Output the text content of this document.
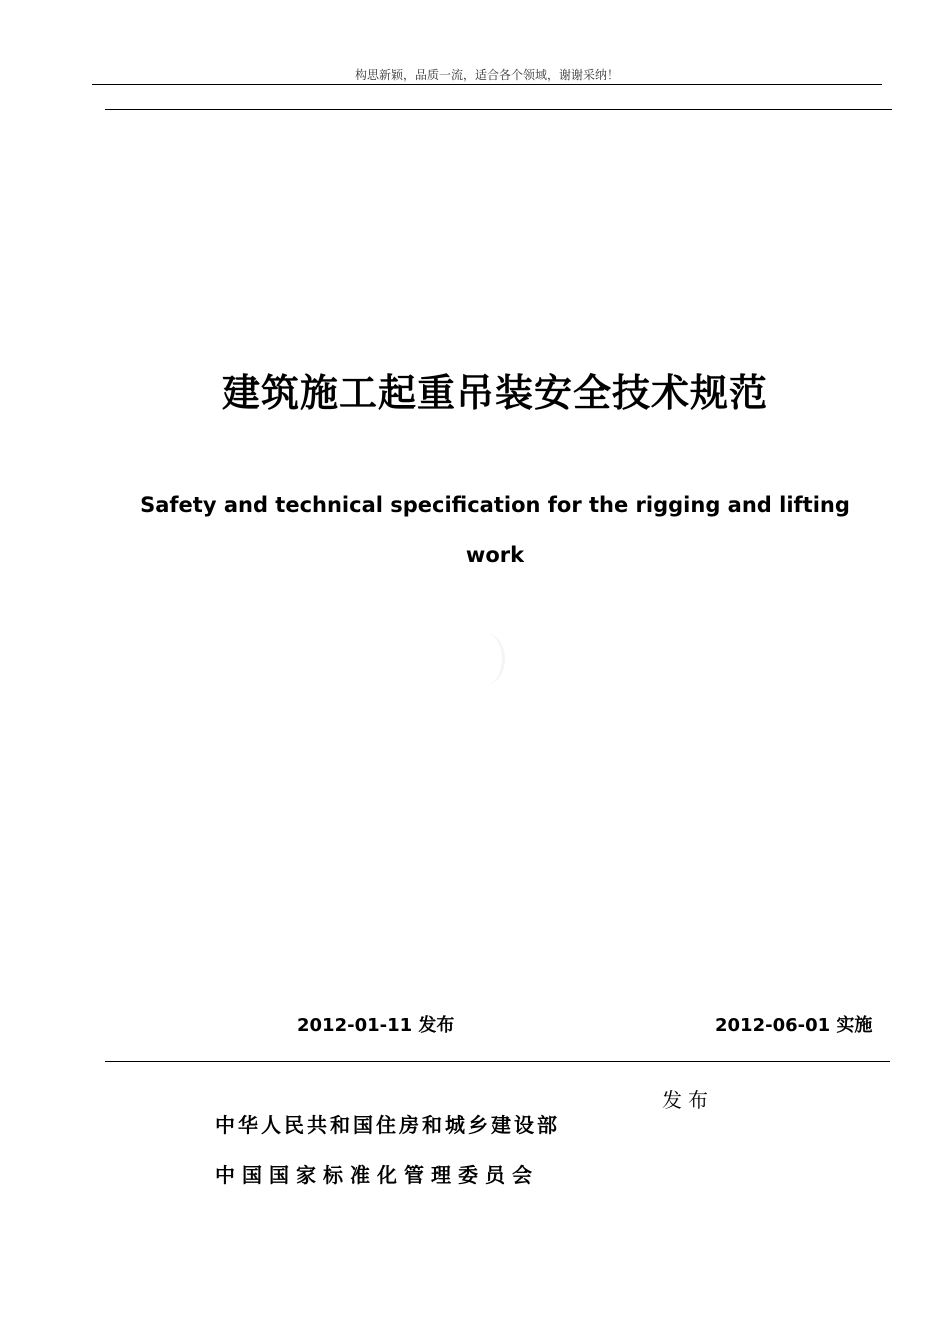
构思新颖，品质一流，适合各个领域，谢谢采纳！
建筑施工起重吊装安全技术规范
Safety and technical specification for the rigging and lifting work
2012-01-11 发布	2012-06-01 实施
发布
中华人民共和国住房和城乡建设部
中国国家标准化管理委员会
